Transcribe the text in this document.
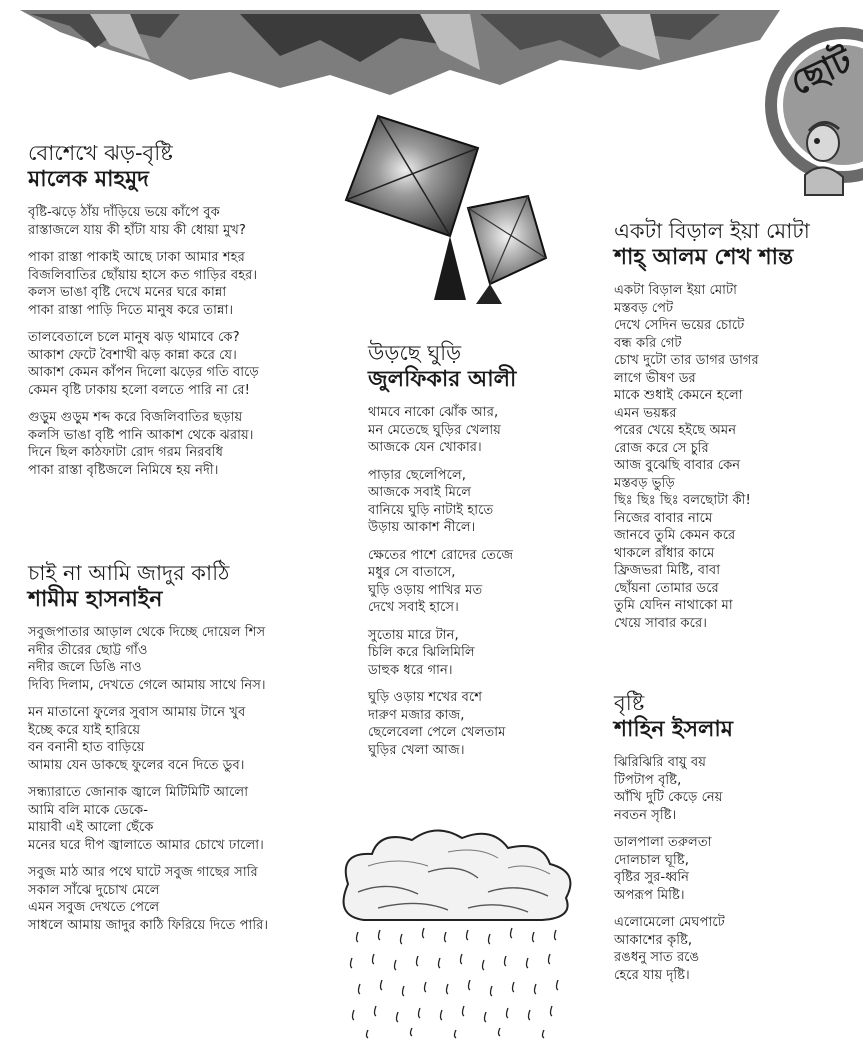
ছোট
বোশেখে ঝড়-বৃষ্টি
মালেক মাহমুদ
বৃষ্টি-ঝড়ে ঠাঁয় দাঁড়িয়ে ভয়ে কাঁপে বুক
রাস্তাজলে যায় কী হাঁটা যায় কী ধোয়া মুখ?
পাকা রাস্তা পাকাই আছে ঢাকা আমার শহর
বিজলিবাতির ছোঁয়ায় হাসে কত গাড়ির বহর।
কলস ভাঙা বৃষ্টি দেখে মনের ঘরে কান্না
পাকা রাস্তা পাড়ি দিতে মানুষ করে তান্না।
তালবেতালে চলে মানুষ ঝড় থামাবে কে?
আকাশ ফেটে বৈশাখী ঝড় কান্না করে যে।
আকাশ কেমন কাঁপন দিলো ঝড়ের গতি বাড়ে
কেমন বৃষ্টি ঢাকায় হলো বলতে পারি না রে!
গুড়ুম গুড়ুম শব্দ করে বিজলিবাতির ছড়ায়
কলসি ভাঙা বৃষ্টি পানি আকাশ থেকে ঝরায়।
দিনে ছিল কাঠফাটা রোদ গরম নিরবধি
পাকা রাস্তা বৃষ্টিজলে নিমিষে হয় নদী।
চাই না আমি জাদুর কাঠি
শামীম হাসনাইন
সবুজপাতার আড়াল থেকে দিচ্ছে দোয়েল শিস
নদীর তীরের ছোট্ট গাঁও
নদীর জলে ডিঙি নাও
দিব্যি দিলাম, দেখতে গেলে আমায় সাথে নিস।
মন মাতানো ফুলের সুবাস আমায় টানে খুব
ইচ্ছে করে যাই হারিয়ে
বন বনানী হাত বাড়িয়ে
আমায় যেন ডাকছে ফুলের বনে দিতে ডুব।
সন্ধ্যারাতে জোনাক জ্বালে মিটিমিটি আলো
আমি বলি মাকে ডেকে-
মায়াবী এই আলো ছেঁকে
মনের ঘরে দীপ জ্বালাতে আমার চোখে ঢালো।
সবুজ মাঠ আর পথে ঘাটে সবুজ গাছের সারি
সকাল সাঁঝে দুচোখ মেলে
এমন সবুজ দেখতে পেলে
সাধলে আমায় জাদুর কাঠি ফিরিয়ে দিতে পারি।
উড়ছে ঘুড়ি
জুলফিকার আলী
থামবে নাকো ঝোঁক আর,
মন মেতেছে ঘুড়ির খেলায়
আজকে যেন খোকার।
পাড়ার ছেলেপিলে,
আজকে সবাই মিলে
বানিয়ে ঘুড়ি নাটাই হাতে
উড়ায় আকাশ নীলে।
ক্ষেতের পাশে রোদের তেজে
মধুর সে বাতাসে,
ঘুড়ি ওড়ায় পাখির মত
দেখে সবাই হাসে।
সুতোয় মারে টান,
চিলি করে ঝিলিমিলি
ডাহুক ধরে গান।
ঘুড়ি ওড়ায় শখের বশে
দারুণ মজার কাজ,
ছেলেবেলা পেলে খেলতাম
ঘুড়ির খেলা আজ।
একটা বিড়াল ইয়া মোটা
শাহ্ আলম শেখ শান্ত
একটা বিড়াল ইয়া মোটা
মস্তবড় পেট
দেখে সেদিন ভয়ের চোটে
বন্ধ করি গেট
চোখ দুটো তার ডাগর ডাগর
লাগে ভীষণ ডর
মাকে শুধাই কেমনে হলো
এমন ভয়ঙ্কর
পরের খেয়ে হইছে অমন
রোজ করে সে চুরি
আজ বুঝেছি বাবার কেন
মস্তবড় ভুড়ি
ছিঃ ছিঃ ছিঃ বলছোটা কী!
নিজের বাবার নামে
জানবে তুমি কেমন করে
থাকলে রাঁধার কামে
ফ্রিজভরা মিষ্টি, বাবা
ছোঁয়না তোমার ডরে
তুমি যেদিন নাথাকো মা
খেয়ে সাবার করে।
বৃষ্টি
শাহিন ইসলাম
ঝিরিঝিরি বায়ু বয়
টিপটাপ বৃষ্টি,
আঁখি দুটি কেড়ে নেয়
নবতন সৃষ্টি।
ডালপালা তরুলতা
দোলচাল ঘূষ্টি,
বৃষ্টির সুর-ধ্বনি
অপরূপ মিষ্টি।
এলোমেলো মেঘপাটে
আকাশের কৃষ্টি,
রঙধনু সাত রঙে
হেরে যায় দৃষ্টি।
